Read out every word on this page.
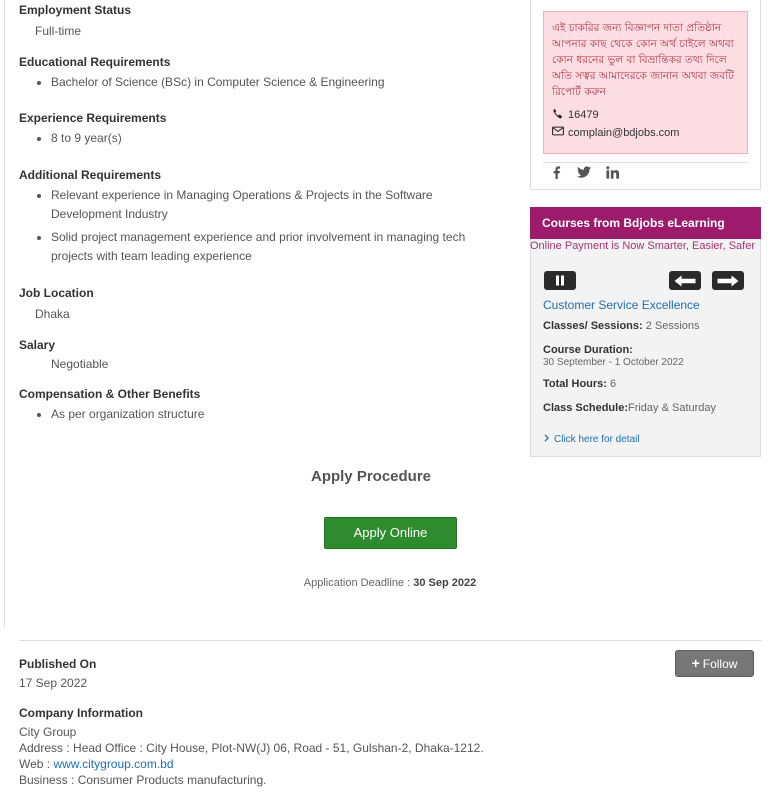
Employment Status
Full-time
Educational Requirements
• Bachelor of Science (BSc) in Computer Science & Engineering
Experience Requirements
• 8 to 9 year(s)
Additional Requirements
• Relevant experience in Managing Operations & Projects in the Software Development Industry
• Solid project management experience and prior involvement in managing tech projects with team leading experience
Job Location
Dhaka
Salary
Negotiable
Compensation & Other Benefits
• As per organization structure
Apply Procedure
Apply Online
Application Deadline : 30 Sep 2022
Published On
17 Sep 2022
+ Follow
Company Information
City Group
Address : Head Office : City House, Plot-NW(J) 06, Road - 51, Gulshan-2, Dhaka-1212.
Web : www.citygroup.com.bd
Business : Consumer Products manufacturing.
এই চাকরির জন্য বিজ্ঞাপন দাতা প্রতিষ্ঠান আপনার কাছ থেকে কোন অর্থ চাইলে অথবা কোন ধরনের ভুল বা বিভ্রান্তিকর তথ্য দিলে অতি সত্বর আমাদেরকে জানান অথবা জবটি রিপোর্ট করুন
16479
complain@bdjobs.com
Courses from Bdjobs eLearning
Online Payment is Now Smarter, Easier, Safer
Customer Service Excellence
Classes/ Sessions: 2 Sessions
Course Duration:
30 September - 1 October 2022
Total Hours: 6
Class Schedule:Friday & Saturday
Click here for detail
